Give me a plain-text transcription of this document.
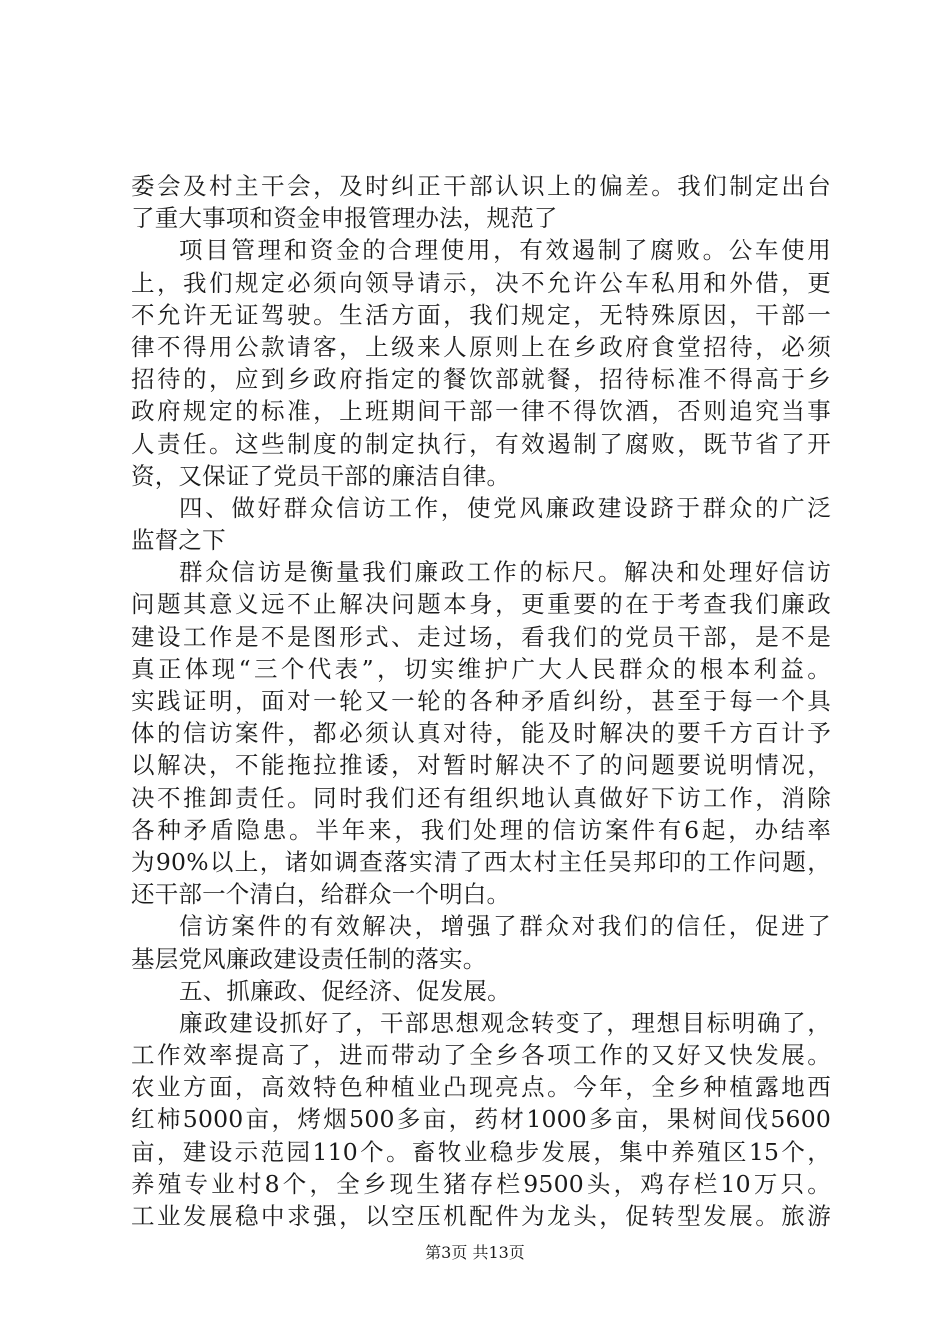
委会及村主干会，及时纠正干部认识上的偏差。我们制定出台
了重大事项和资金申报管理办法，规范了
项目管理和资金的合理使用，有效遏制了腐败。公车使用
上，我们规定必须向领导请示，决不允许公车私用和外借，更
不允许无证驾驶。生活方面，我们规定，无特殊原因，干部一
律不得用公款请客，上级来人原则上在乡政府食堂招待，必须
招待的，应到乡政府指定的餐饮部就餐，招待标准不得高于乡
政府规定的标准，上班期间干部一律不得饮酒，否则追究当事
人责任。这些制度的制定执行，有效遏制了腐败，既节省了开
资，又保证了党员干部的廉洁自律。
四、做好群众信访工作，使党风廉政建设跻于群众的广泛
监督之下
群众信访是衡量我们廉政工作的标尺。解决和处理好信访
问题其意义远不止解决问题本身，更重要的在于考查我们廉政
建设工作是不是图形式、走过场，看我们的党员干部，是不是
真正体现“三个代表”，切实维护广大人民群众的根本利益。
实践证明，面对一轮又一轮的各种矛盾纠纷，甚至于每一个具
体的信访案件，都必须认真对待，能及时解决的要千方百计予
以解决，不能拖拉推诿，对暂时解决不了的问题要说明情况，
决不推卸责任。同时我们还有组织地认真做好下访工作，消除
各种矛盾隐患。半年来，我们处理的信访案件有6起，办结率
为90%以上，诸如调查落实清了西太村主任吴邦印的工作问题，
还干部一个清白，给群众一个明白。
信访案件的有效解决，增强了群众对我们的信任，促进了
基层党风廉政建设责任制的落实。
五、抓廉政、促经济、促发展。
廉政建设抓好了，干部思想观念转变了，理想目标明确了，
工作效率提高了，进而带动了全乡各项工作的又好又快发展。
农业方面，高效特色种植业凸现亮点。今年，全乡种植露地西
红柿5000亩，烤烟500多亩，药材1000多亩，果树间伐5600
亩，建设示范园110个。畜牧业稳步发展，集中养殖区15个，
养殖专业村8个，全乡现生猪存栏9500头，鸡存栏10万只。
工业发展稳中求强，以空压机配件为龙头，促转型发展。旅游
第3页 共13页
